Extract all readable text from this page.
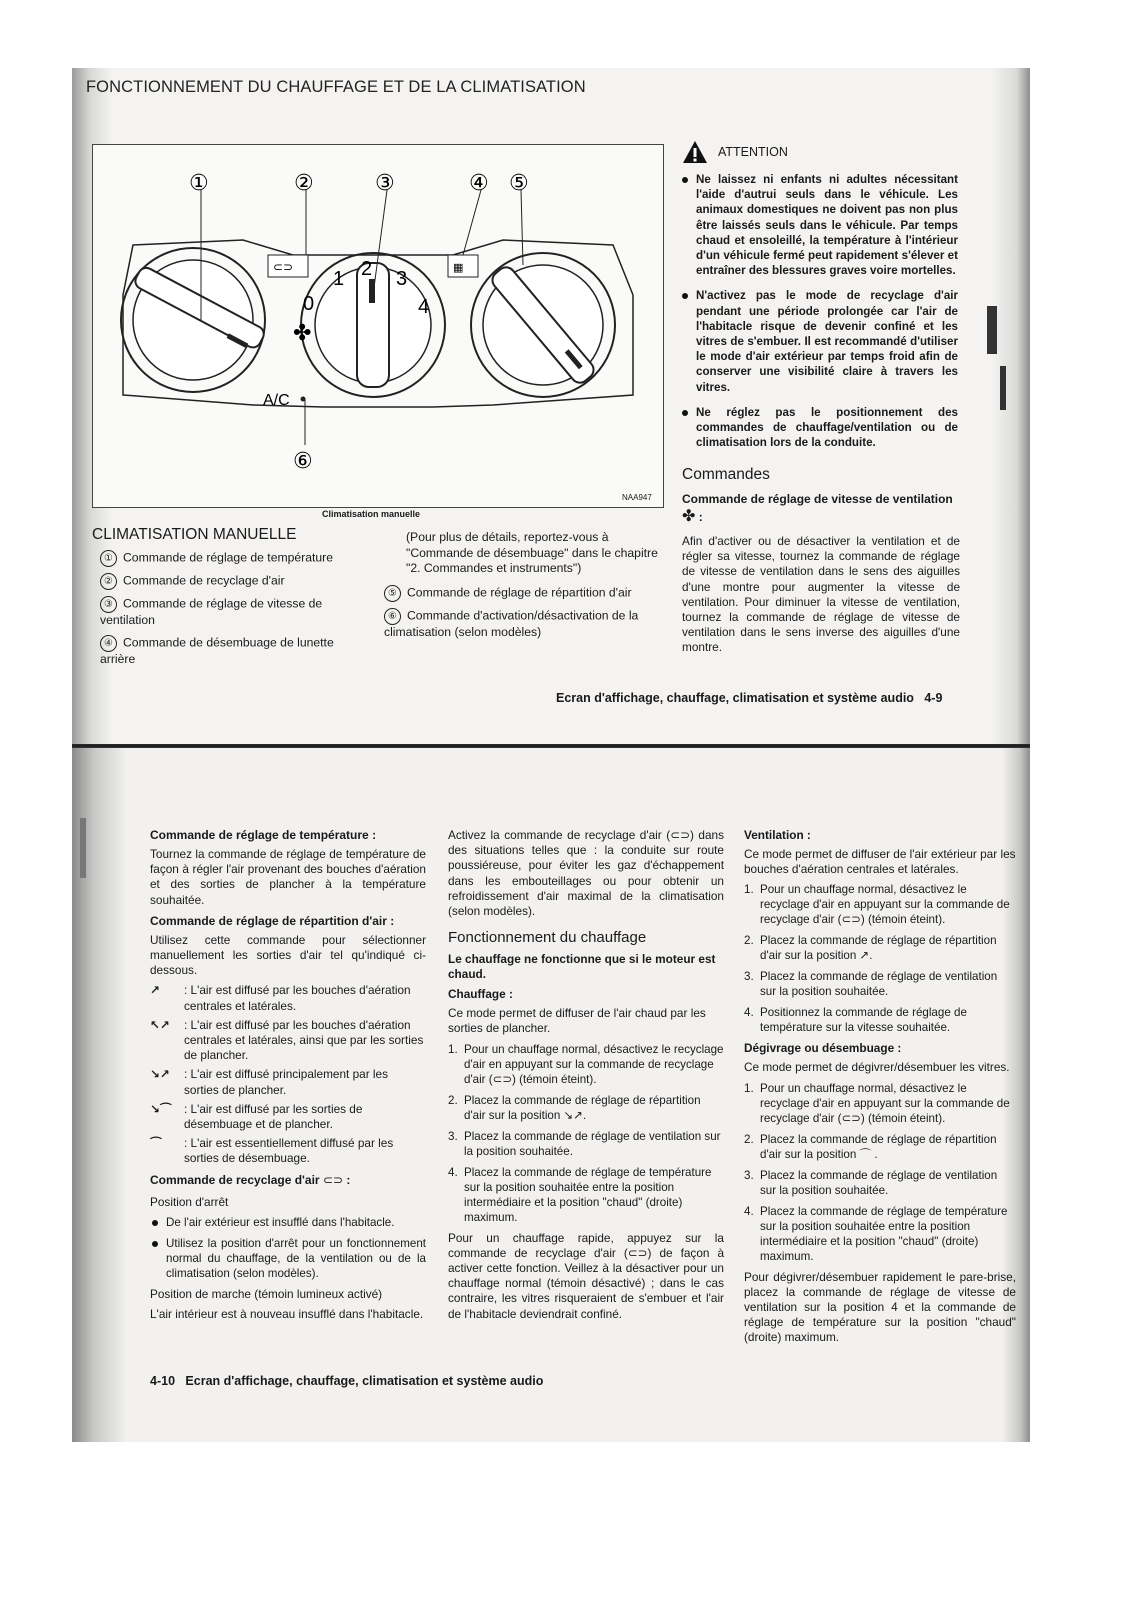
FONCTIONNEMENT DU CHAUFFAGE ET DE LA CLIMATISATION
1 2 3
4
0
✤
⊂⊃	▦
A/C
①	②	③	④ ⑤
⑥
Climatisation manuelle
NAA947
CLIMATISATION MANUELLE
① Commande de réglage de température
② Commande de recyclage d'air
③ Commande de réglage de vitesse de ventilation
④ Commande de désembuage de lunette arrière
(Pour plus de détails, reportez-vous à "Commande de désembuage" dans le chapitre "2. Commandes et instruments")
⑤ Commande de réglage de répartition d'air
⑥ Commande d'activation/désactivation de la climatisation (selon modèles)
ATTENTION
Ne laissez ni enfants ni adultes nécessitant l'aide d'autrui seuls dans le véhicule. Les animaux domestiques ne doivent pas non plus être laissés seuls dans le véhicule. Par temps chaud et ensoleillé, la température à l'intérieur d'un véhicule fermé peut rapidement s'élever et entraîner des blessures graves voire mortelles.
N'activez pas le mode de recyclage d'air pendant une période prolongée car l'air de l'habitacle risque de devenir confiné et les vitres de s'embuer. Il est recommandé d'utiliser le mode d'air extérieur par temps froid afin de conserver une visibilité claire à travers les vitres.
Ne réglez pas le positionnement des commandes de chauffage/ventilation ou de climatisation lors de la conduite.
Commandes
Commande de réglage de vitesse de ventilation
✤ :
Afin d'activer ou de désactiver la ventilation et de régler sa vitesse, tournez la commande de réglage de vitesse de ventilation dans le sens des aiguilles d'une montre pour augmenter la vitesse de ventilation. Pour diminuer la vitesse de ventilation, tournez la commande de réglage de vitesse de ventilation dans le sens inverse des aiguilles d'une montre.
Ecran d'affichage, chauffage, climatisation et système audio   4-9

Commande de réglage de température :

Tournez la commande de réglage de température de façon à régler l'air provenant des bouches d'aération et des sorties de plancher à la température souhaitée.

Commande de réglage de répartition d'air :

Utilisez cette commande pour sélectionner manuellement les sorties d'air tel qu'indiqué ci-dessous.

↗	: L'air est diffusé par les bouches d'aération centrales et latérales.
↖↗	: L'air est diffusé par les bouches d'aération centrales et latérales, ainsi que par les sorties de plancher.
↘↗	: L'air est diffusé principalement par les sorties de plancher.
↘⌒	: L'air est diffusé par les sorties de désembuage et de plancher.
⌒	: L'air est essentiellement diffusé par les sorties de désembuage.

Commande de recyclage d'air ⊂⊃ :

Position d'arrêt

De l'air extérieur est insufflé dans l'habitacle.
Utilisez la position d'arrêt pour un fonctionnement normal du chauffage, de la ventilation ou de la climatisation (selon modèles).

Position de marche (témoin lumineux activé)

L'air intérieur est à nouveau insufflé dans l'habitacle.

Activez la commande de recyclage d'air (⊂⊃) dans des situations telles que : la conduite sur route poussiéreuse, pour éviter les gaz d'échappement dans les embouteillages ou pour obtenir un refroidissement d'air maximal de la climatisation (selon modèles).

Fonctionnement du chauffage

Le chauffage ne fonctionne que si le moteur est chaud.

Chauffage :

Ce mode permet de diffuser de l'air chaud par les sorties de plancher.

1. Pour un chauffage normal, désactivez le recyclage d'air en appuyant sur la commande de recyclage d'air (⊂⊃) (témoin éteint).
2. Placez la commande de réglage de répartition d'air sur la position ↘↗.
3. Placez la commande de réglage de ventilation sur la position souhaitée.
4. Placez la commande de réglage de température sur la position souhaitée entre la position intermédiaire et la position "chaud" (droite) maximum.

Pour un chauffage rapide, appuyez sur la commande de recyclage d'air (⊂⊃) de façon à activer cette fonction. Veillez à la désactiver pour un chauffage normal (témoin désactivé) ; dans le cas contraire, les vitres risqueraient de s'embuer et l'air de l'habitacle deviendrait confiné.

Ventilation :

Ce mode permet de diffuser de l'air extérieur par les bouches d'aération centrales et latérales.

1. Pour un chauffage normal, désactivez le recyclage d'air en appuyant sur la commande de recyclage d'air (⊂⊃) (témoin éteint).
2. Placez la commande de réglage de répartition d'air sur la position ↗.
3. Placez la commande de réglage de ventilation sur la position souhaitée.
4. Positionnez la commande de réglage de température sur la vitesse souhaitée.

Dégivrage ou désembuage :

Ce mode permet de dégivrer/désembuer les vitres.

1. Pour un chauffage normal, désactivez le recyclage d'air en appuyant sur la commande de recyclage d'air (⊂⊃) (témoin éteint).
2. Placez la commande de réglage de répartition d'air sur la position ⌒ .
3. Placez la commande de réglage de ventilation sur la position souhaitée.
4. Placez la commande de réglage de température sur la position souhaitée entre la position intermédiaire et la position "chaud" (droite) maximum.

Pour dégivrer/désembuer rapidement le pare-brise, placez la commande de réglage de vitesse de ventilation sur la position 4 et la commande de réglage de température sur la position "chaud" (droite) maximum.

4-10   Ecran d'affichage, chauffage, climatisation et système audio
